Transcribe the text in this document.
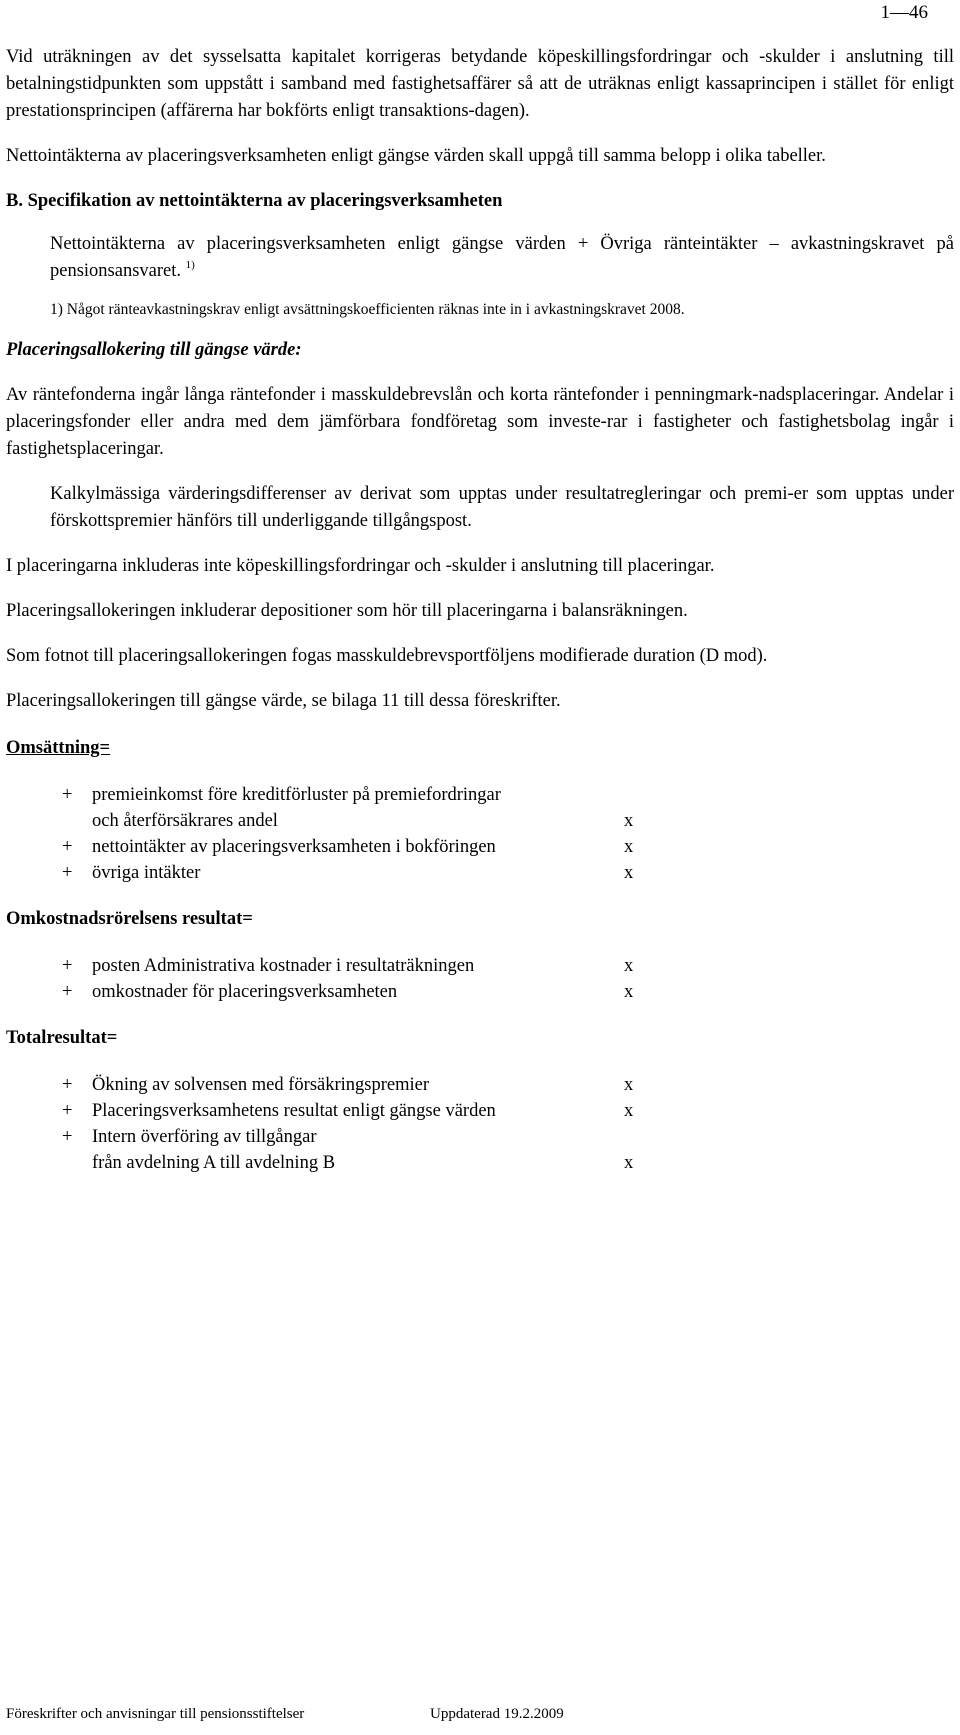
1—46

Vid uträkningen av det sysselsatta kapitalet korrigeras betydande köpeskillingsfordringar och -skulder i anslutning till betalningstidpunkten som uppstått i samband med fastighetsaffärer så att de uträknas enligt kassaprincipen i stället för enligt prestationsprincipen (affärerna har bokförts enligt transaktions-dagen).

Nettointäkterna av placeringsverksamheten enligt gängse värden skall uppgå till samma belopp i olika tabeller.

B. Specifikation av nettointäkterna av placeringsverksamheten

Nettointäkterna av placeringsverksamheten enligt gängse värden + Övriga ränteintäkter – avkastningskravet på pensionsansvaret. $^{1)}$

1) Något ränteavkastningskrav enligt avsättningskoefficienten räknas inte in i avkastningskravet 2008.

Placeringsallokering till gängse värde:

Av räntefonderna ingår långa räntefonder i masskuldebrevslån och korta räntefonder i penningmark-nadsplaceringar. Andelar i placeringsfonder eller andra med dem jämförbara fondföretag som investe-rar i fastigheter och fastighetsbolag ingår i fastighetsplaceringar.

Kalkylmässiga värderingsdifferenser av derivat som upptas under resultatregleringar och premi-er som upptas under förskottspremier hänförs till underliggande tillgångspost.

I placeringarna inkluderas inte köpeskillingsfordringar och -skulder i anslutning till placeringar.

Placeringsallokeringen inkluderar depositioner som hör till placeringarna i balansräkningen.

Som fotnot till placeringsallokeringen fogas masskuldebrevsportföljens modifierade duration (D mod).

Placeringsallokeringen till gängse värde, se bilaga 11 till dessa föreskrifter.

Omsättning=

+	premieinkomst före kreditförluster på premiefordringar
och återförsäkrares andel	x
+	nettointäkter av placeringsverksamheten i bokföringen	x
+	övriga intäkter	x

Omkostnadsrörelsens resultat=

+	posten Administrativa kostnader i resultaträkningen	x
+	omkostnader för placeringsverksamheten	x

Totalresultat=

+	Ökning av solvensen med försäkringspremier	x
+	Placeringsverksamhetens resultat enligt gängse värden	x
+	Intern överföring av tillgångar
från avdelning A till avdelning B	x
Föreskrifter och anvisningar till pensionsstiftelser	Uppdaterad 19.2.2009
